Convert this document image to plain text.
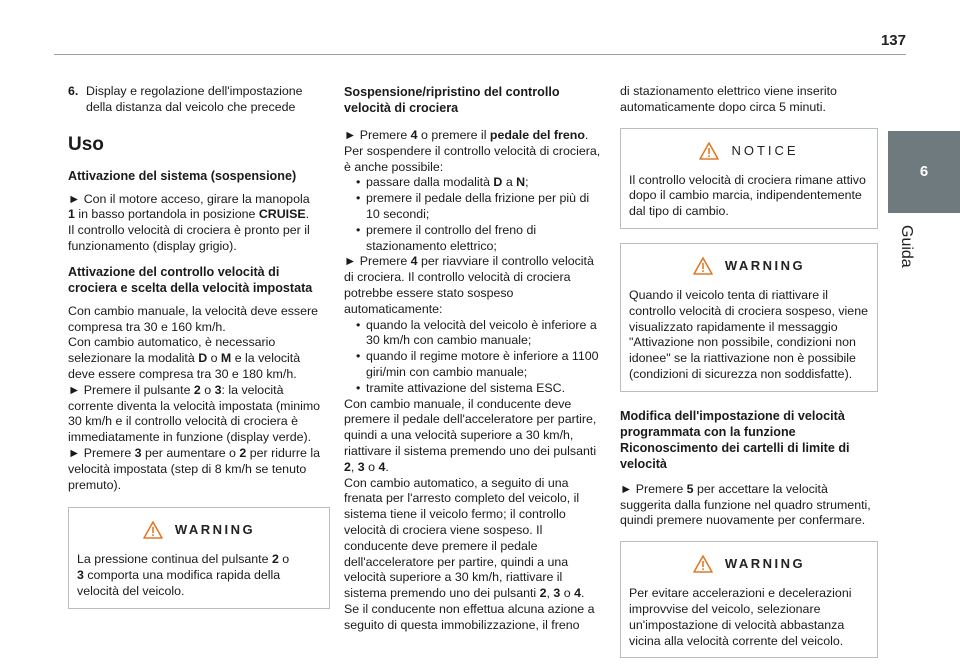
137
6
Guida
6. Display e regolazione dell'impostazione della distanza dal veicolo che precede
Uso
Attivazione del sistema (sospensione)

► Con il motore acceso, girare la manopola
1 in basso portandola in posizione CRUISE.
Il controllo velocità di crociera è pronto per il funzionamento (display grigio).

Attivazione del controllo velocità di crociera e scelta della velocità impostata

Con cambio manuale, la velocità deve essere compresa tra 30 e 160 km/h.

Con cambio automatico, è necessario selezionare la modalità D o M e la velocità deve essere compresa tra 30 e 180 km/h.

► Premere il pulsante 2 o 3: la velocità corrente diventa la velocità impostata (minimo 30 km/h e il controllo velocità di crociera è immediatamente in funzione (display verde).

► Premere 3 per aumentare o 2 per ridurre la velocità impostata (step di 8 km/h se tenuto premuto).

WARNING

La pressione continua del pulsante 2 o
3 comporta una modifica rapida della velocità del veicolo.

Sospensione/ripristino del controllo velocità di crociera

► Premere 4 o premere il pedale del freno.

Per sospendere il controllo velocità di crociera, è anche possibile:

• passare dalla modalità D a N;
• premere il pedale della frizione per più di 10 secondi;
• premere il controllo del freno di stazionamento elettrico;

► Premere 4 per riavviare il controllo velocità di crociera. Il controllo velocità di crociera potrebbe essere stato sospeso automaticamente:

• quando la velocità del veicolo è inferiore a 30 km/h con cambio manuale;
• quando il regime motore è inferiore a 1100 giri/min con cambio manuale;
• tramite attivazione del sistema ESC.

Con cambio manuale, il conducente deve premere il pedale dell'acceleratore per partire, quindi a una velocità superiore a 30 km/h, riattivare il sistema premendo uno dei pulsanti 2, 3 o 4.

Con cambio automatico, a seguito di una frenata per l'arresto completo del veicolo, il sistema tiene il veicolo fermo; il controllo velocità di crociera viene sospeso. Il conducente deve premere il pedale dell'acceleratore per partire, quindi a una velocità superiore a 30 km/h, riattivare il sistema premendo uno dei pulsanti 2, 3 o 4.

Se il conducente non effettua alcuna azione a seguito di questa immobilizzazione, il freno

di stazionamento elettrico viene inserito automaticamente dopo circa 5 minuti.

NOTICE

Il controllo velocità di crociera rimane attivo dopo il cambio marcia, indipendentemente dal tipo di cambio.

WARNING

Quando il veicolo tenta di riattivare il controllo velocità di crociera sospeso, viene visualizzato rapidamente il messaggio "Attivazione non possibile, condizioni non idonee" se la riattivazione non è possibile (condizioni di sicurezza non soddisfatte).

Modifica dell'impostazione di velocità programmata con la funzione Riconoscimento dei cartelli di limite di velocità

► Premere 5 per accettare la velocità suggerita dalla funzione nel quadro strumenti, quindi premere nuovamente per confermare.

WARNING

Per evitare accelerazioni e decelerazioni improvvise del veicolo, selezionare un'impostazione di velocità abbastanza vicina alla velocità corrente del veicolo.
